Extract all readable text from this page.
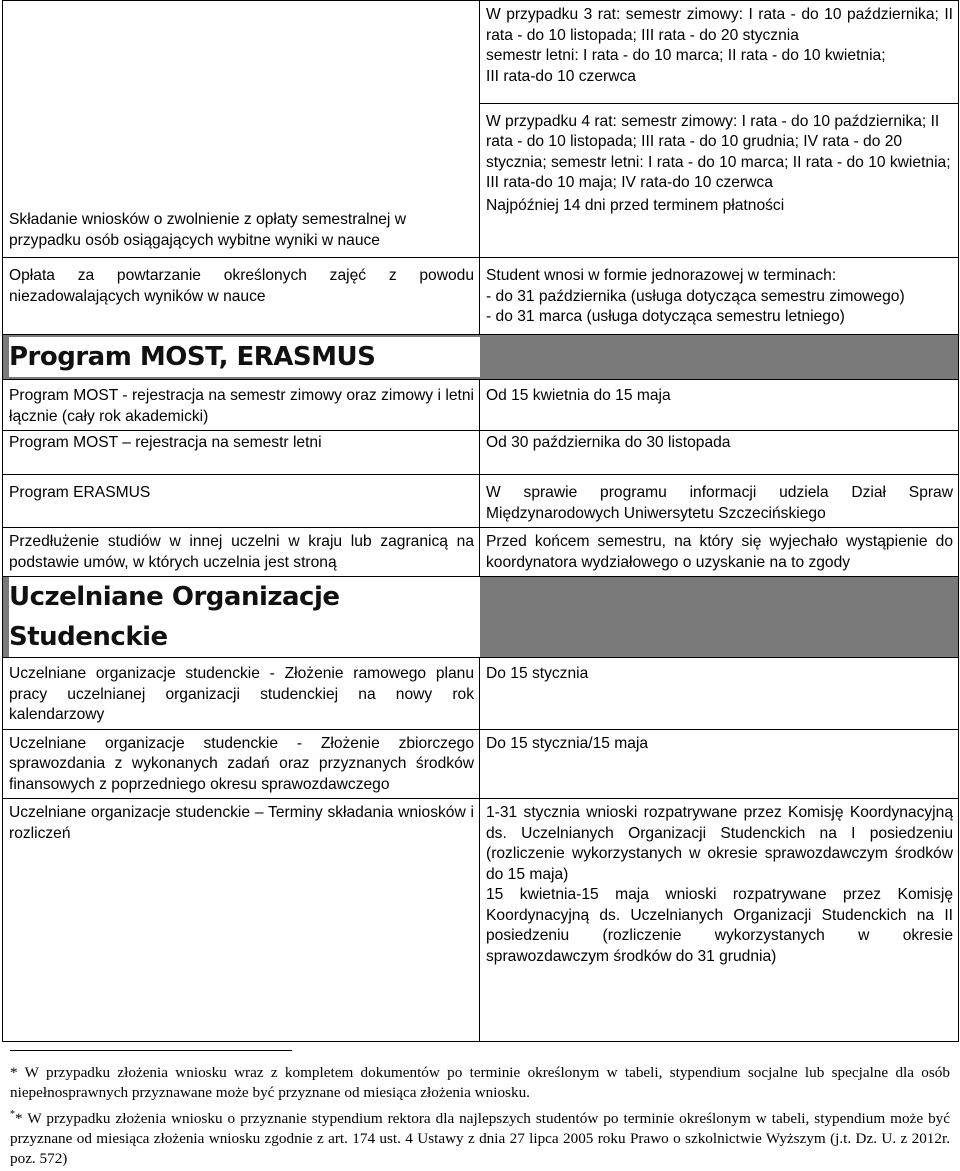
	W przypadku 3 rat: semestr zimowy: I rata - do 10 października; II rata - do 10 listopada; III rata - do 20 stycznia
semestr letni: I rata - do 10 marca; II rata - do 10 kwietnia;
III rata-do 10 czerwca

Składanie wniosków o zwolnienie z opłaty semestralnej w przypadku osób osiągających wybitne wyniki w nauce	W przypadku 4 rat: semestr zimowy: I rata - do 10 października; II rata - do 10 listopada; III rata - do 10 grudnia; IV rata - do 20 stycznia; semestr letni: I rata - do 10 marca; II rata - do 10 kwietnia; III rata-do 10 maja; IV rata-do 10 czerwca
Najpóźniej 14 dni przed terminem płatności

Opłata za powtarzanie określonych zajęć z powodu niezadowalających wyników w nauce	Student wnosi w formie jednorazowej w terminach:
- do 31 października (usługa dotycząca semestru zimowego)
- do 31 marca (usługa dotycząca semestru letniego)

Program MOST, ERASMUS	

Program MOST - rejestracja na semestr zimowy oraz zimowy i letni łącznie (cały rok akademicki)	Od 15 kwietnia do 15 maja
Program MOST – rejestracja na semestr letni	Od 30 października do 30 listopada
Program ERASMUS	W sprawie programu informacji udziela Dział Spraw Międzynarodowych Uniwersytetu Szczecińskiego
Przedłużenie studiów w innej uczelni w kraju lub zagranicą na podstawie umów, w których uczelnia jest stroną	Przed końcem semestru, na który się wyjechało wystąpienie do koordynatora wydziałowego o uzyskanie na to zgody

Uczelniane Organizacje Studenckie	

Uczelniane organizacje studenckie - Złożenie ramowego planu pracy uczelnianej organizacji studenckiej na nowy rok kalendarzowy	Do 15 stycznia
Uczelniane organizacje studenckie - Złożenie zbiorczego sprawozdania z wykonanych zadań oraz przyznanych środków finansowych z poprzedniego okresu sprawozdawczego	Do 15 stycznia/15 maja
Uczelniane organizacje studenckie – Terminy składania wniosków i rozliczeń	1-31 stycznia wnioski rozpatrywane przez Komisję Koordynacyjną ds. Uczelnianych Organizacji Studenckich na I posiedzeniu (rozliczenie wykorzystanych w okresie sprawozdawczym środków do 15 maja)
15 kwietnia-15 maja wnioski rozpatrywane przez Komisję Koordynacyjną ds. Uczelnianych Organizacji Studenckich na II posiedzeniu (rozliczenie wykorzystanych w okresie sprawozdawczym środków do 31 grudnia)

* W przypadku złożenia wniosku wraz z kompletem dokumentów po terminie określonym w tabeli, stypendium socjalne lub specjalne dla osób niepełnosprawnych przyznawane może być przyznane od miesiąca złożenia wniosku.

** W przypadku złożenia wniosku o przyznanie stypendium rektora dla najlepszych studentów po terminie określonym w tabeli, stypendium może być przyznane od miesiąca złożenia wniosku zgodnie z art. 174 ust. 4 Ustawy z dnia 27 lipca 2005 roku Prawo o szkolnictwie Wyższym (j.t. Dz. U. z 2012r. poz. 572)
